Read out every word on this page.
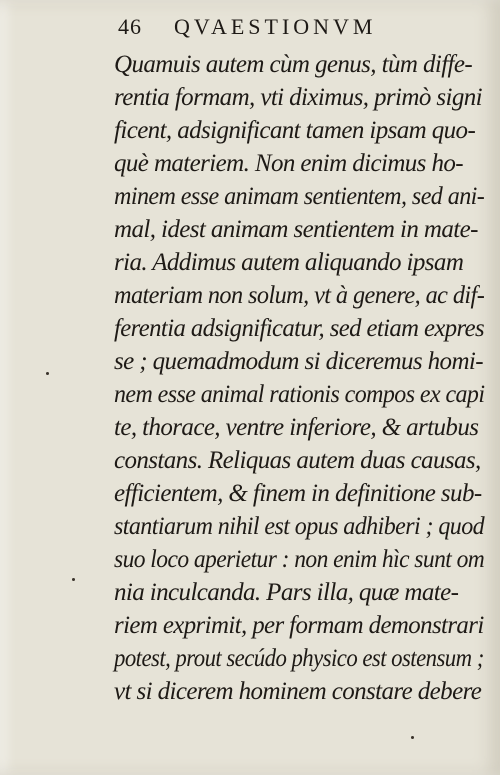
46 QVAESTIONVM
Quamuis autem cùm genus, tùm diffe-
rentia formam, vti diximus, primò signi
ficent, adsignificant tamen ipsam quo-
què materiem. Non enim dicimus ho-
minem esse animam sentientem, sed ani-
mal, idest animam sentientem in mate-
ria. Addimus autem aliquando ipsam
materiam non solum, vt à genere, ac dif-
ferentia adsignificatur, sed etiam expres
se ; quemadmodum si diceremus homi-
nem esse animal rationis compos ex capi
te, thorace, ventre inferiore, & artubus
constans. Reliquas autem duas causas,
efficientem, & finem in definitione sub-
stantiarum nihil est opus adhiberi ; quod
suo loco aperietur : non enim hìc sunt om
nia inculcanda. Pars illa, quæ mate-
riem exprimit, per formam demonstrari
potest, prout secúdo physico est ostensum ;
vt si dicerem hominem constare debere
